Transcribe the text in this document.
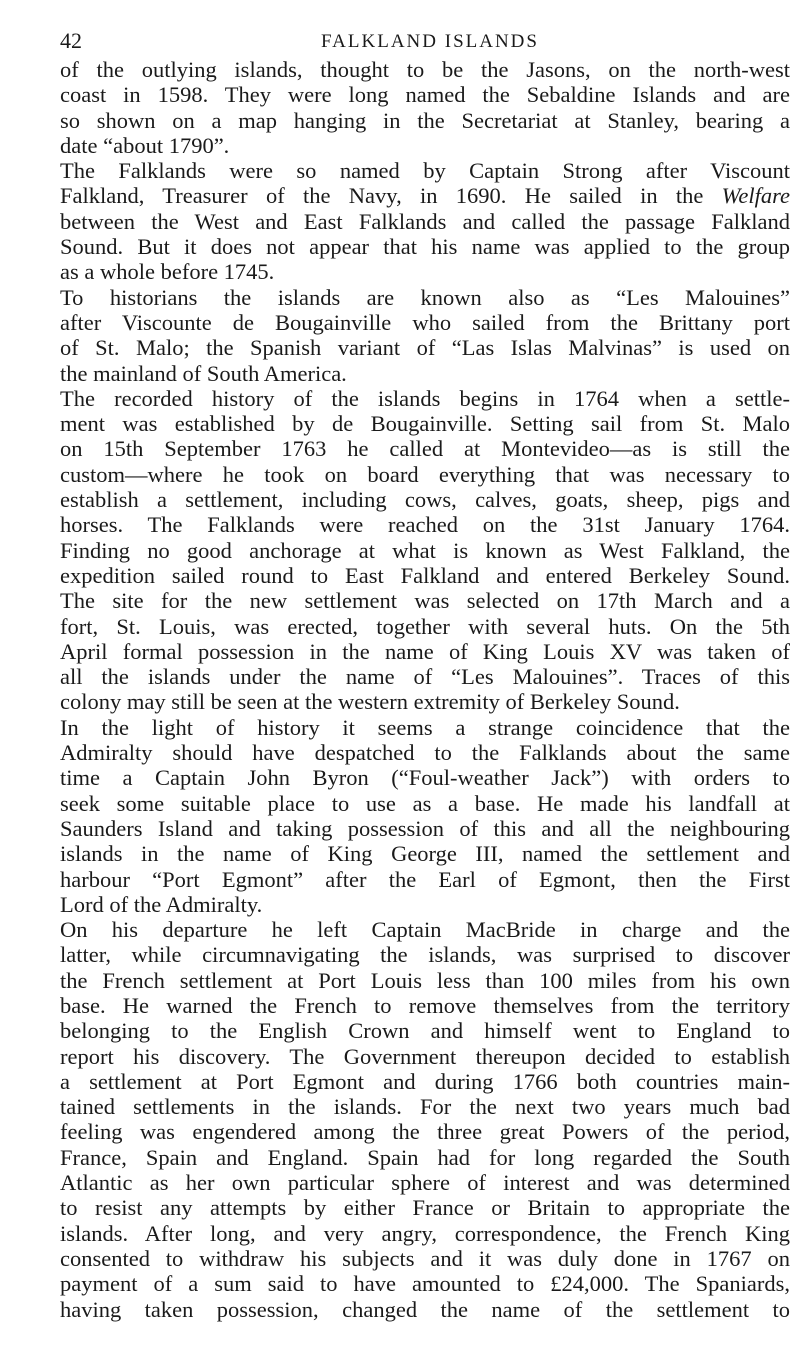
42	FALKLAND ISLANDS
of the outlying islands, thought to be the Jasons, on the north-west
coast in 1598. They were long named the Sebaldine Islands and are
so shown on a map hanging in the Secretariat at Stanley, bearing a
date “about 1790”.
The Falklands were so named by Captain Strong after Viscount
Falkland, Treasurer of the Navy, in 1690. He sailed in the Welfare
between the West and East Falklands and called the passage Falkland
Sound. But it does not appear that his name was applied to the group
as a whole before 1745.
To historians the islands are known also as “Les Malouines”
after Viscounte de Bougainville who sailed from the Brittany port
of St. Malo; the Spanish variant of “Las Islas Malvinas” is used on
the mainland of South America.
The recorded history of the islands begins in 1764 when a settle-
ment was established by de Bougainville. Setting sail from St. Malo
on 15th September 1763 he called at Montevideo—as is still the
custom—where he took on board everything that was necessary to
establish a settlement, including cows, calves, goats, sheep, pigs and
horses. The Falklands were reached on the 31st January 1764.
Finding no good anchorage at what is known as West Falkland, the
expedition sailed round to East Falkland and entered Berkeley Sound.
The site for the new settlement was selected on 17th March and a
fort, St. Louis, was erected, together with several huts. On the 5th
April formal possession in the name of King Louis XV was taken of
all the islands under the name of “Les Malouines”. Traces of this
colony may still be seen at the western extremity of Berkeley Sound.
In the light of history it seems a strange coincidence that the
Admiralty should have despatched to the Falklands about the same
time a Captain John Byron (“Foul-weather Jack”) with orders to
seek some suitable place to use as a base. He made his landfall at
Saunders Island and taking possession of this and all the neighbouring
islands in the name of King George III, named the settlement and
harbour “Port Egmont” after the Earl of Egmont, then the First
Lord of the Admiralty.
On his departure he left Captain MacBride in charge and the
latter, while circumnavigating the islands, was surprised to discover
the French settlement at Port Louis less than 100 miles from his own
base. He warned the French to remove themselves from the territory
belonging to the English Crown and himself went to England to
report his discovery. The Government thereupon decided to establish
a settlement at Port Egmont and during 1766 both countries main-
tained settlements in the islands. For the next two years much bad
feeling was engendered among the three great Powers of the period,
France, Spain and England. Spain had for long regarded the South
Atlantic as her own particular sphere of interest and was determined
to resist any attempts by either France or Britain to appropriate the
islands. After long, and very angry, correspondence, the French King
consented to withdraw his subjects and it was duly done in 1767 on
payment of a sum said to have amounted to £24,000. The Spaniards,
having taken possession, changed the name of the settlement to
